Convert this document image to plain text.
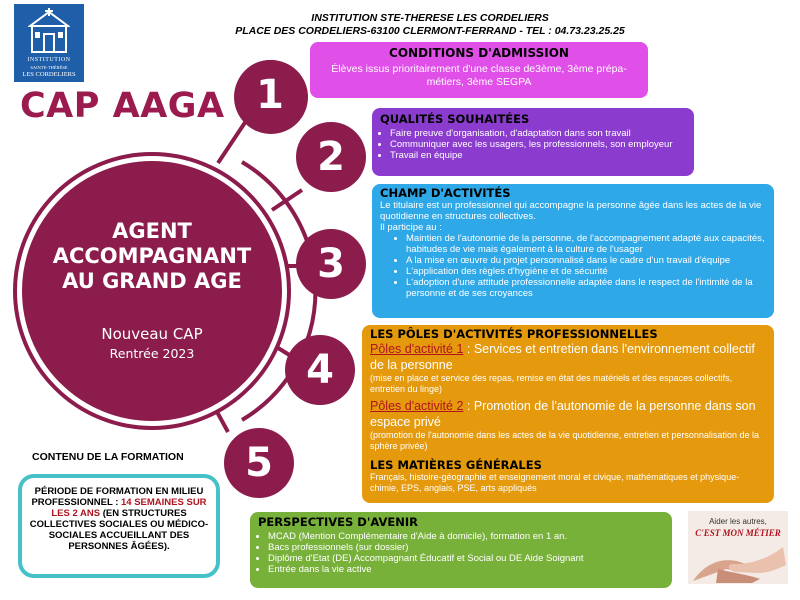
INSTITUTION STE-THERESE LES CORDELIERS
PLACE DES CORDELIERS-63100 CLERMONT-FERRAND - TEL : 04.73.23.25.25
INSTITUTION
SAINTE-THÉRÈSE
LES CORDELIERS
CAP AAGA
AGENT
ACCOMPAGNANT
AU GRAND AGE
Nouveau CAP
Rentrée 2023
1
2
3
4
5
CONDITIONS D'ADMISSION
Élèves issus prioritairement d'une classe de3ème, 3ème prépa-métiers, 3ème SEGPA
QUALITÉS SOUHAITÉES
• Faire preuve d'organisation, d'adaptation dans son travail
• Communiquer avec les usagers, les professionnels, son employeur
• Travail en équipe
CHAMP D'ACTIVITÉS
Le titulaire est un professionnel qui accompagne la personne âgée dans les actes de la vie quotidienne en structures collectives.
Il participe au :
• Maintien de l'autonomie de la personne, de l'accompagnement adapté aux capacités, habitudes de vie mais également à la culture de l'usager
• A la mise en œuvre du projet personnalisé dans le cadre d'un travail d'équipe
• L'application des règles d'hygiène et de sécurité
• L'adoption d'une attitude professionnelle adaptée dans le respect de l'intimité de la personne et de ses croyances
LES PÔLES D'ACTIVITÉS PROFESSIONNELLES
Pôles d'activité 1 : Services et entretien dans l'environnement collectif de la personne
(mise en place et service des repas, remise en état des matériels et des espaces collectifs, entretien du linge)
Pôles d'activité 2 : Promotion de l'autonomie de la personne dans son espace privé
(promotion de l'autonomie dans les actes de la vie quotidienne, entretien et personnalisation de la sphère privée)
LES MATIÈRES GÉNÉRALES
Français, histoire-géographie et enseignement moral et civique, mathématiques et physique-chimie, EPS, anglais, PSE, arts appliqués
CONTENU DE LA FORMATION
PÉRIODE DE FORMATION EN MILIEU PROFESSIONNEL : 14 SEMAINES SUR LES 2 ANS (EN STRUCTURES COLLECTIVES SOCIALES OU MÉDICO-SOCIALES ACCUEILLANT DES PERSONNES ÂGÉES).
PERSPECTIVES D'AVENIR
• MCAD (Mention Complémentaire d'Aide à domicile), formation en 1 an.
• Bacs professionnels (sur dossier)
• Diplôme d'Etat (DE) Accompagnant Éducatif et Social ou DE Aide Soignant
• Entrée dans la vie active
Aider les autres,
C'EST MON MÉTIER
